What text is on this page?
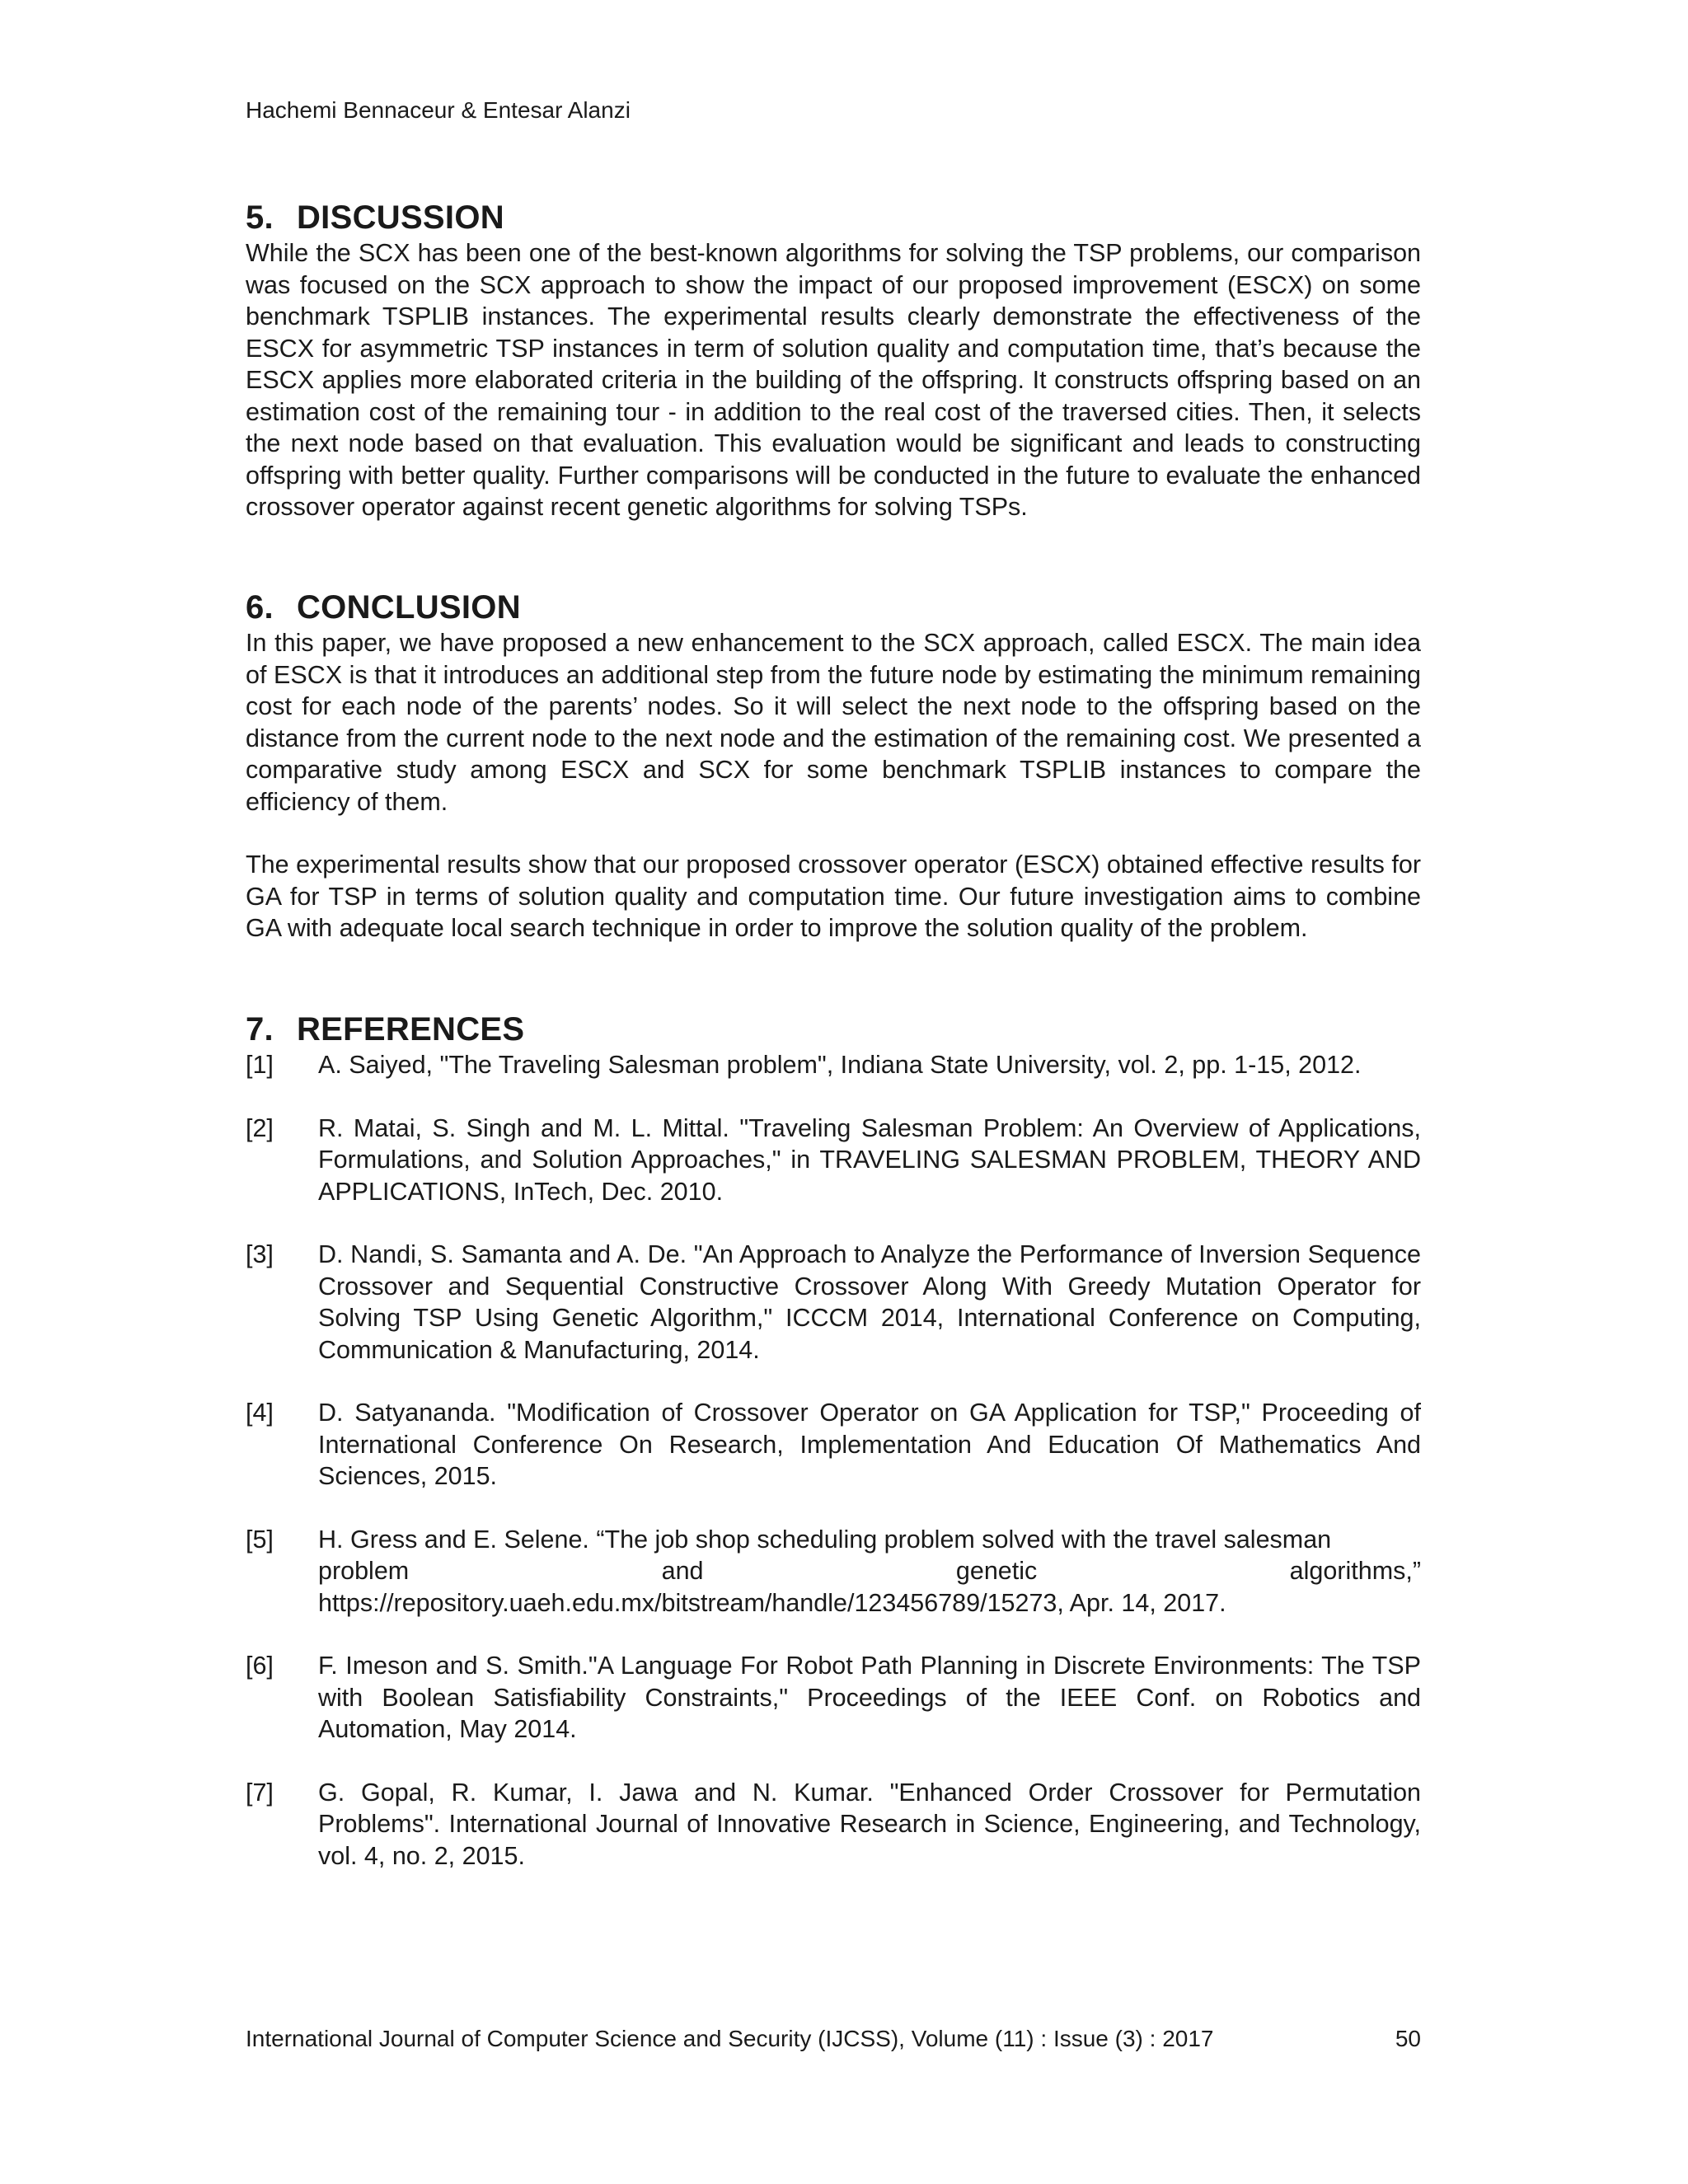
Hachemi Bennaceur & Entesar Alanzi
5. DISCUSSION

While the SCX has been one of the best-known algorithms for solving the TSP problems, our comparison was focused on the SCX approach to show the impact of our proposed improvement (ESCX) on some benchmark TSPLIB instances. The experimental results clearly demonstrate the effectiveness of the ESCX for asymmetric TSP instances in term of solution quality and computation time, that’s because the ESCX applies more elaborated criteria in the building of the offspring. It constructs offspring based on an estimation cost of the remaining tour - in addition to the real cost of the traversed cities. Then, it selects the next node based on that evaluation. This evaluation would be significant and leads to constructing offspring with better quality. Further comparisons will be conducted in the future to evaluate the enhanced crossover operator against recent genetic algorithms for solving TSPs.

6. CONCLUSION

In this paper, we have proposed a new enhancement to the SCX approach, called ESCX. The main idea of ESCX is that it introduces an additional step from the future node by estimating the minimum remaining cost for each node of the parents’ nodes. So it will select the next node to the offspring based on the distance from the current node to the next node and the estimation of the remaining cost. We presented a comparative study among ESCX and SCX for some benchmark TSPLIB instances to compare the efficiency of them.

The experimental results show that our proposed crossover operator (ESCX) obtained effective results for GA for TSP in terms of solution quality and computation time. Our future investigation aims to combine GA with adequate local search technique in order to improve the solution quality of the problem.

7. REFERENCES
[1]	A. Saiyed, "The Traveling Salesman problem", Indiana State University, vol. 2, pp. 1-15, 2012.
[2]	R. Matai, S. Singh and M. L. Mittal. "Traveling Salesman Problem: An Overview of Applications, Formulations, and Solution Approaches," in TRAVELING SALESMAN PROBLEM, THEORY AND APPLICATIONS, InTech, Dec. 2010.
[3]	D. Nandi, S. Samanta and A. De. "An Approach to Analyze the Performance of Inversion Sequence Crossover and Sequential Constructive Crossover Along With Greedy Mutation Operator for Solving TSP Using Genetic Algorithm," ICCCM 2014, International Conference on Computing, Communication & Manufacturing, 2014.
[4]	D. Satyananda. "Modification of Crossover Operator on GA Application for TSP," Proceeding of International Conference On Research, Implementation And Education Of Mathematics And Sciences, 2015.
[5]	H. Gress and E. Selene. “The job shop scheduling problem solved with the travel salesman
problem	and	genetic	algorithms,”
https://repository.uaeh.edu.mx/bitstream/handle/123456789/15273, Apr. 14, 2017.
[6]	F. Imeson and S. Smith."A Language For Robot Path Planning in Discrete Environments: The TSP with Boolean Satisfiability Constraints," Proceedings of the IEEE Conf. on Robotics and Automation, May 2014.
[7]	G. Gopal, R. Kumar, I. Jawa and N. Kumar. "Enhanced Order Crossover for Permutation Problems". International Journal of Innovative Research in Science, Engineering, and Technology, vol. 4, no. 2, 2015.
International Journal of Computer Science and Security (IJCSS), Volume (11) : Issue (3) : 2017	50
